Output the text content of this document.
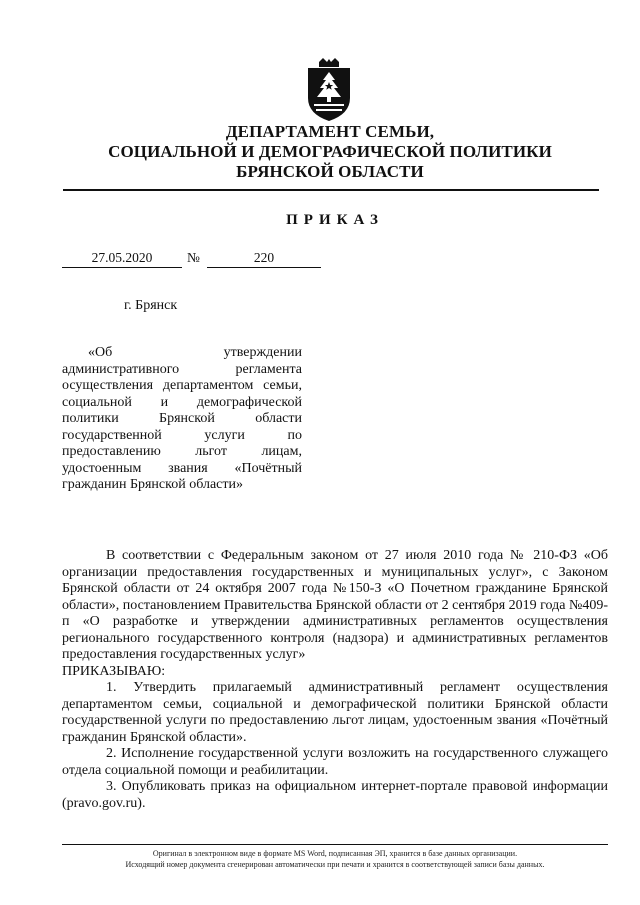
ДЕПАРТАМЕНТ СЕМЬИ,
СОЦИАЛЬНОЙ И ДЕМОГРАФИЧЕСКОЙ ПОЛИТИКИ
БРЯНСКОЙ ОБЛАСТИ
ПРИКАЗ
27.05.2020	№	220
г. Брянск
«Об утверждении административного регламента осуществления департаментом семьи, социальной и демографической политики Брянской области государственной услуги по предоставлению льгот лицам, удостоенным звания «Почётный гражданин Брянской области»

В соответствии с Федеральным законом от 27 июля 2010 года № 210-ФЗ «Об организации предоставления государственных и муниципальных услуг», с Законом Брянской области от 24 октября 2007 года №150-З «О Почетном гражданине Брянской области», постановлением Правительства Брянской области от 2 сентября 2019 года №409-п «О разработке и утверждении административных регламентов осуществления регионального государственного контроля (надзора) и административных регламентов предоставления государственных услуг»

ПРИКАЗЫВАЮ:

1. Утвердить прилагаемый административный регламент осуществления департаментом семьи, социальной и демографической политики Брянской области государственной услуги по предоставлению льгот лицам, удостоенным звания «Почётный гражданин Брянской области».

2. Исполнение государственной услуги возложить на государственного служащего отдела социальной помощи и реабилитации.

3. Опубликовать приказ на официальном интернет-портале правовой информации (pravo.gov.ru).

Оригинал в электронном виде в формате MS Word, подписанная ЭП, хранится в базе данных организации.
Исходящий номер документа сгенерирован автоматически при печати и хранится в соответствующей записи базы данных.
